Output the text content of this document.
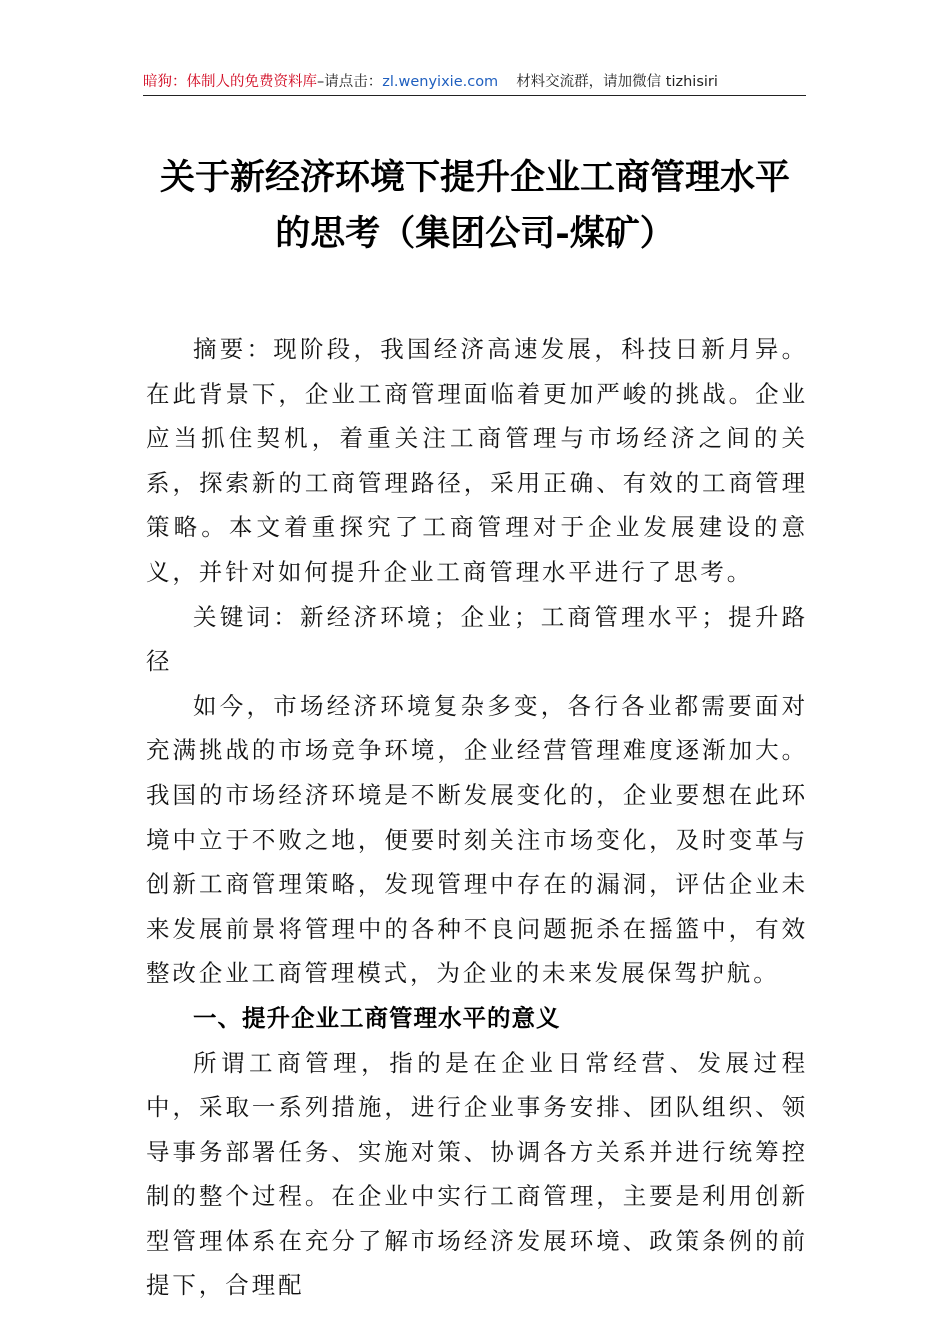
暗狗：体制人的免费资料库–请点击：zl.wenyixie.com 材料交流群，请加微信 tizhisiri
关于新经济环境下提升企业工商管理水平
的思考（集团公司-煤矿）

摘要：现阶段，我国经济高速发展，科技日新月异。在此背景下，企业工商管理面临着更加严峻的挑战。企业应当抓住契机，着重关注工商管理与市场经济之间的关系，探索新的工商管理路径，采用正确、有效的工商管理策略。本文着重探究了工商管理对于企业发展建设的意义，并针对如何提升企业工商管理水平进行了思考。

关键词：新经济环境；企业；工商管理水平；提升路径

如今，市场经济环境复杂多变，各行各业都需要面对充满挑战的市场竞争环境，企业经营管理难度逐渐加大。我国的市场经济环境是不断发展变化的，企业要想在此环境中立于不败之地，便要时刻关注市场变化，及时变革与创新工商管理策略，发现管理中存在的漏洞，评估企业未来发展前景将管理中的各种不良问题扼杀在摇篮中，有效整改企业工商管理模式，为企业的未来发展保驾护航。

一、提升企业工商管理水平的意义

所谓工商管理，指的是在企业日常经营、发展过程中，采取一系列措施，进行企业事务安排、团队组织、领导事务部署任务、实施对策、协调各方关系并进行统筹控制的整个过程。在企业中实行工商管理，主要是利用创新型管理体系在充分了解市场经济发展环境、政策条例的前提下，合理配
